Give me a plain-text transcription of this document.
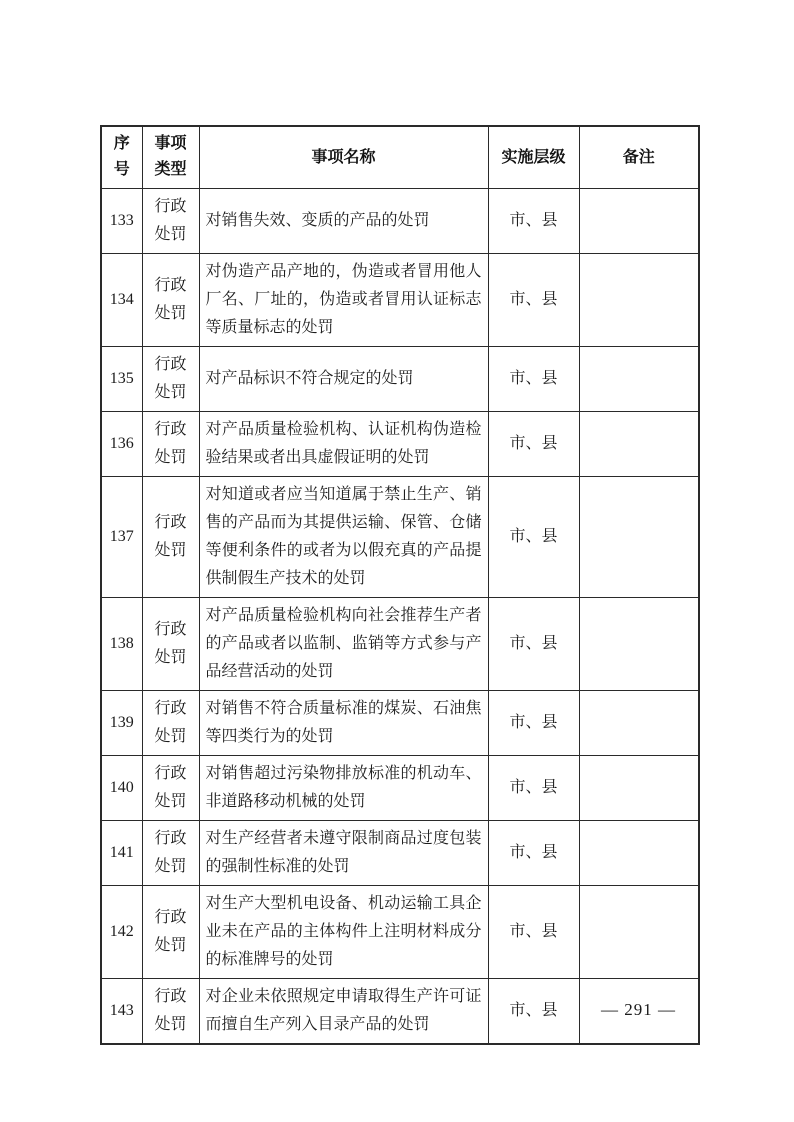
序号	事项类型	事项名称	实施层级	备注
133	行政处罚	对销售失效、变质的产品的处罚	市、县	
134	行政处罚	对伪造产品产地的，伪造或者冒用他人厂名、厂址的，伪造或者冒用认证标志等质量标志的处罚	市、县	
135	行政处罚	对产品标识不符合规定的处罚	市、县	
136	行政处罚	对产品质量检验机构、认证机构伪造检验结果或者出具虚假证明的处罚	市、县	
137	行政处罚	对知道或者应当知道属于禁止生产、销售的产品而为其提供运输、保管、仓储等便利条件的或者为以假充真的产品提供制假生产技术的处罚	市、县	
138	行政处罚	对产品质量检验机构向社会推荐生产者的产品或者以监制、监销等方式参与产品经营活动的处罚	市、县	
139	行政处罚	对销售不符合质量标准的煤炭、石油焦等四类行为的处罚	市、县	
140	行政处罚	对销售超过污染物排放标准的机动车、非道路移动机械的处罚	市、县	
141	行政处罚	对生产经营者未遵守限制商品过度包装的强制性标准的处罚	市、县	
142	行政处罚	对生产大型机电设备、机动运输工具企业未在产品的主体构件上注明材料成分的标准牌号的处罚	市、县	
143	行政处罚	对企业未依照规定申请取得生产许可证而擅自生产列入目录产品的处罚	市、县		— 291 —
